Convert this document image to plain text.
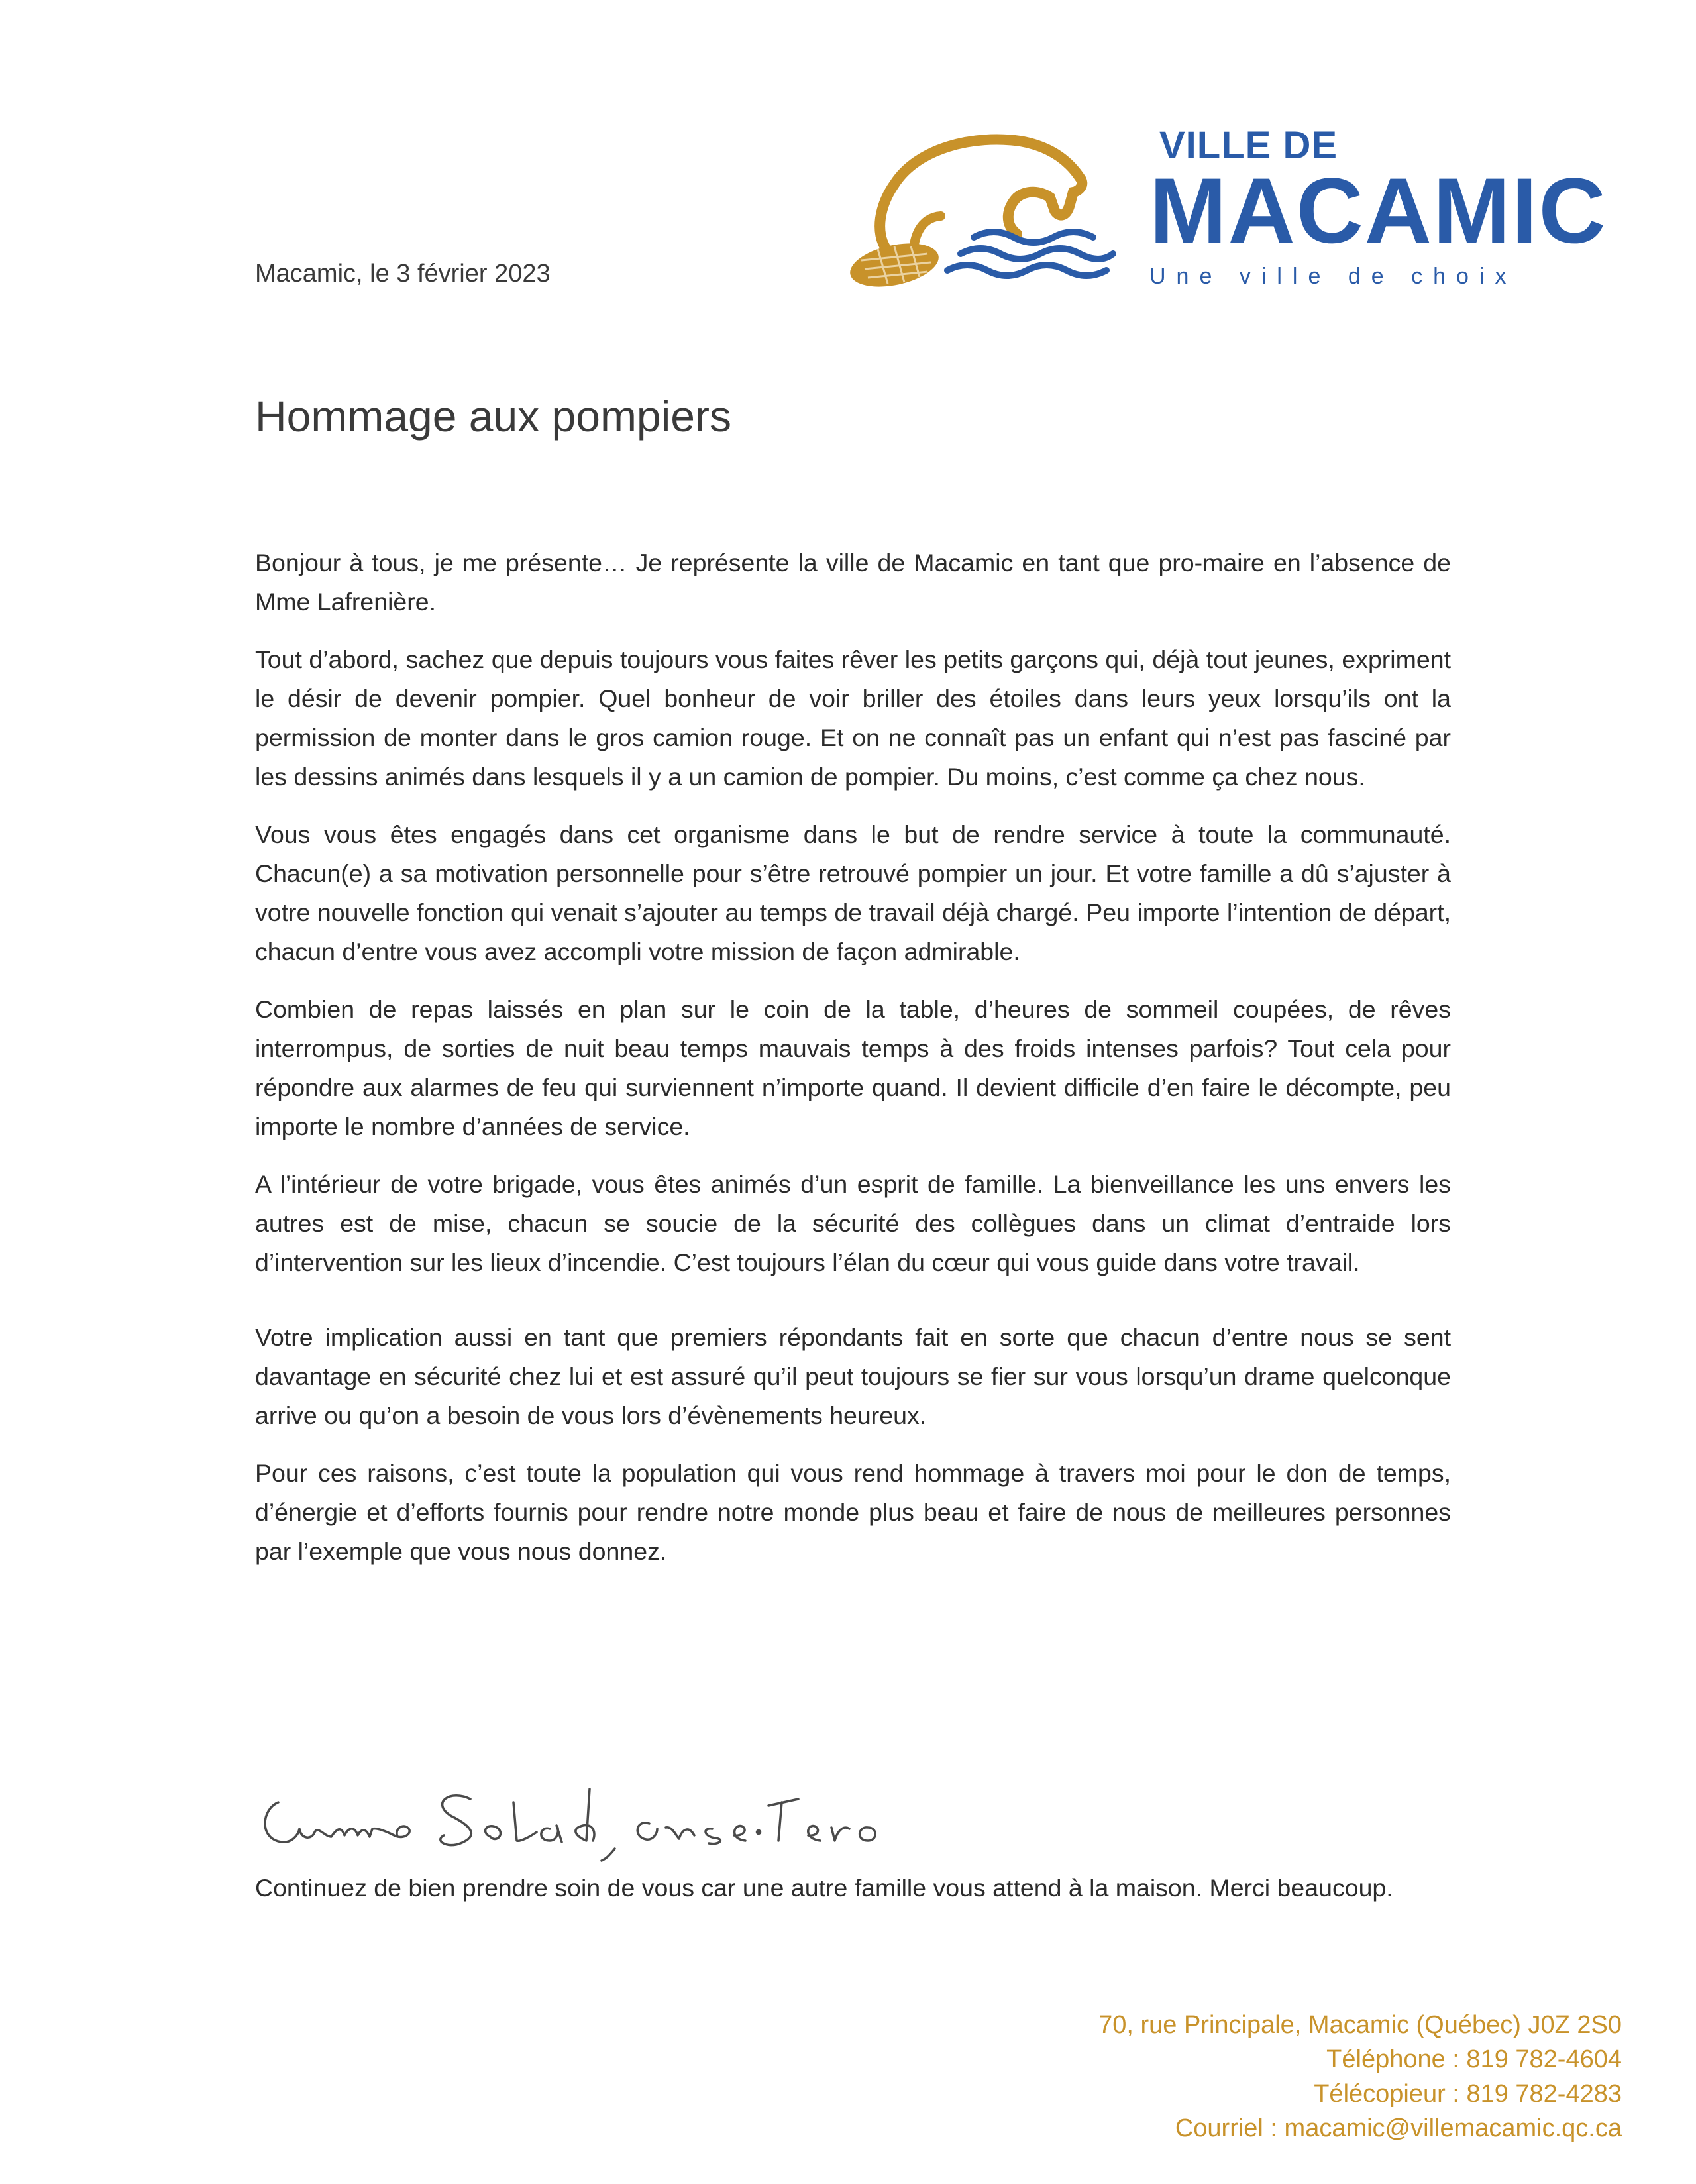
VILLE DE
MACAMIC
Une ville de choix
Macamic, le 3 février 2023
Hommage aux pompiers

Bonjour à tous, je me présente… Je représente la ville de Macamic en tant que pro-maire en l’absence de Mme Lafrenière.

Tout d’abord, sachez que depuis toujours vous faites rêver les petits garçons qui, déjà tout jeunes, expriment le désir de devenir pompier. Quel bonheur de voir briller des étoiles dans leurs yeux lorsqu’ils ont la permission de monter dans le gros camion rouge. Et on ne connaît pas un enfant qui n’est pas fasciné par les dessins animés dans lesquels il y a un camion de pompier. Du moins, c’est comme ça chez nous.

Vous vous êtes engagés dans cet organisme dans le but de rendre service à toute la communauté. Chacun(e) a sa motivation personnelle pour s’être retrouvé pompier un jour. Et votre famille a dû s’ajuster à votre nouvelle fonction qui venait s’ajouter au temps de travail déjà chargé. Peu importe l’intention de départ, chacun d’entre vous avez accompli votre mission de façon admirable.

Combien de repas laissés en plan sur le coin de la table, d’heures de sommeil coupées, de rêves interrompus, de sorties de nuit beau temps mauvais temps à des froids intenses parfois? Tout cela pour répondre aux alarmes de feu qui surviennent n’importe quand. Il devient difficile d’en faire le décompte, peu importe le nombre d’années de service.

A l’intérieur de votre brigade, vous êtes animés d’un esprit de famille. La bienveillance les uns envers les autres est de mise, chacun se soucie de la sécurité des collègues dans un climat d’entraide lors d’intervention sur les lieux d’incendie. C’est toujours l’élan du cœur qui vous guide dans votre travail.

Votre implication aussi en tant que premiers répondants fait en sorte que chacun d’entre nous se sent davantage en sécurité chez lui et est assuré qu’il peut toujours se fier sur vous lorsqu’un drame quelconque arrive ou qu’on a besoin de vous lors d’évènements heureux.

Pour ces raisons, c’est toute la population qui vous rend hommage à travers moi pour le don de temps, d’énergie et d’efforts fournis pour rendre notre monde plus beau et faire de nous de meilleures personnes par l’exemple que vous nous donnez.

Continuez de bien prendre soin de vous car une autre famille vous attend à la maison. Merci beaucoup.

70, rue Principale, Macamic (Québec) J0Z 2S0
Téléphone : 819 782-4604
Télécopieur : 819 782-4283
Courriel : macamic@villemacamic.qc.ca
